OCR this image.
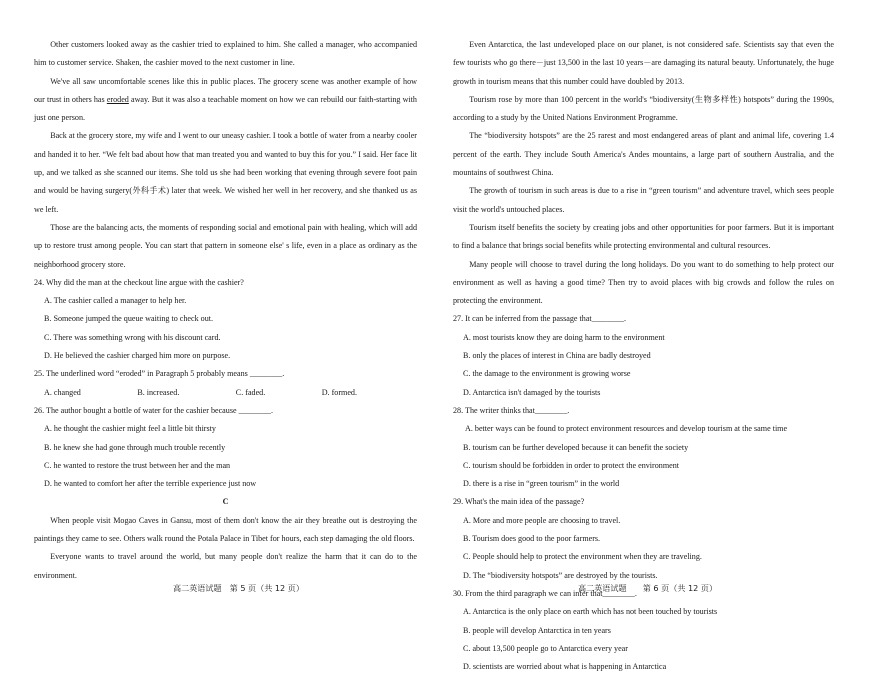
Other customers looked away as the cashier tried to explained to him. She called a manager, who accompanied him to customer service. Shaken, the cashier moved to the next customer in line.

We've all saw uncomfortable scenes like this in public places. The grocery scene was another example of how our trust in others has eroded away. But it was also a teachable moment on how we can rebuild our faith-starting with just one person.

Back at the grocery store, my wife and I went to our uneasy cashier. I took a bottle of water from a nearby cooler and handed it to her. “We felt bad about how that man treated you and wanted to buy this for you.” I said. Her face lit up, and we talked as she scanned our items. She told us she had been working that evening through severe foot pain and would be having surgery(外科手术) later that week. We wished her well in her recovery, and she thanked us as we left.

Those are the balancing acts, the moments of responding social and emotional pain with healing, which will add up to restore trust among people. You can start that pattern in someone else' s life, even in a place as ordinary as the neighborhood grocery store.

24. Why did the man at the checkout line argue with the cashier?

A. The cashier called a manager to help her.

B. Someone jumped the queue waiting to check out.

C. There was something wrong with his discount card.

D. He believed the cashier charged him more on purpose.

25. The underlined word “eroded” in Paragraph 5 probably means ________.

A. changed	B. increased.	C. faded.	D. formed.

26. The author bought a bottle of water for the cashier because ________.

A. he thought the cashier might feel a little bit thirsty

B. he knew she had gone through much trouble recently

C. he wanted to restore the trust between her and the man

D. he wanted to comfort her after the terrible experience just now

C

When people visit Mogao Caves in Gansu, most of them don't know the air they breathe out is destroying the paintings they came to see. Others walk round the Potala Palace in Tibet for hours, each step damaging the old floors.

Everyone wants to travel around the world, but many people don't realize the harm that it can do to the environment.

Even Antarctica, the last undeveloped place on our planet, is not considered safe. Scientists say that even the few tourists who go there－just 13,500 in the last 10 years－are damaging its natural beauty. Unfortunately, the huge growth in tourism means that this number could have doubled by 2013.

Tourism rose by more than 100 percent in the world's “biodiversity(生物多样性) hotspots” during the 1990s, according to a study by the United Nations Environment Programme.

The “biodiversity hotspots” are the 25 rarest and most endangered areas of plant and animal life, covering 1.4 percent of the earth. They include South America's Andes mountains, a large part of southern Australia, and the mountains of southwest China.

The growth of tourism in such areas is due to a rise in “green tourism” and adventure travel, which sees people visit the world's untouched places.

Tourism itself benefits the society by creating jobs and other opportunities for poor farmers. But it is important to find a balance that brings social benefits while protecting environmental and cultural resources.

Many people will choose to travel during the long holidays. Do you want to do something to help protect our environment as well as having a good time? Then try to avoid places with big crowds and follow the rules on protecting the environment.

27. It can be inferred from the passage that________.

A. most tourists know they are doing harm to the environment

B. only the places of interest in China are badly destroyed

C. the damage to the environment is growing worse

D. Antarctica isn't damaged by the tourists

28. The writer thinks that________.

A. better ways can be found to protect environment resources and develop tourism at the same time

B. tourism can be further developed because it can benefit the society

C. tourism should be forbidden in order to protect the environment

D. there is a rise in “green tourism” in the world

29. What's the main idea of the passage?

A. More and more people are choosing to travel.

B. Tourism does good to the poor farmers.

C. People should help to protect the environment when they are traveling.

D. The “biodiversity hotspots” are destroyed by the tourists.

30. From the third paragraph we can infer that________.

A. Antarctica is the only place on earth which has not been touched by tourists

B. people will develop Antarctica in ten years

C. about 13,500 people go to Antarctica every year

D. scientists are worried about what is happening in Antarctica

高二英语试题　第 5 页（共 12 页）	高二英语试题　　第 6 页（共 12 页）
